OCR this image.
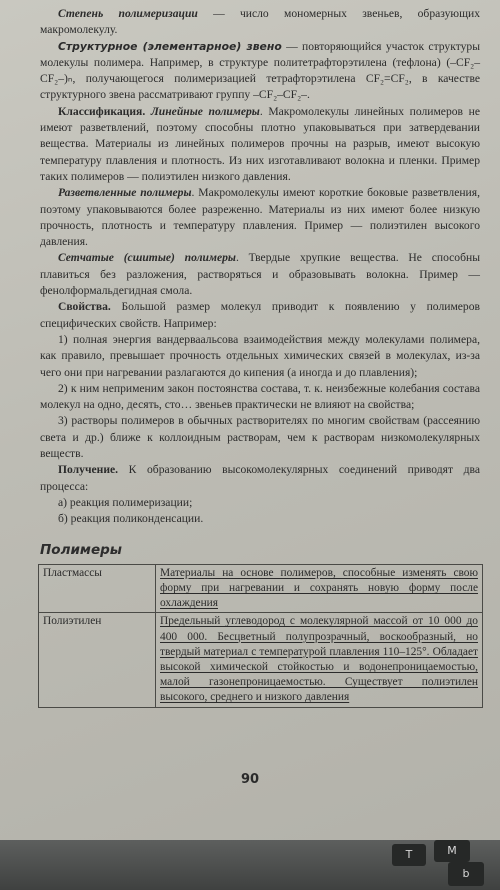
Степень полимеризации — число мономерных звеньев, образующих макромолекулу.

Структурное (элементарное) звено — повторяющийся участок структуры молекулы полимера. Например, в структуре политетрафторэтилена (тефлона) (–CF₂–CF₂–)ₙ, получающегося полимеризацией тетрафторэтилена CF₂=CF₂, в качестве структурного звена рассматривают группу –CF₂–CF₂–.

Классификация. Линейные полимеры. Макромолекулы линейных полимеров не имеют разветвлений, поэтому способны плотно упаковываться при затвердевании вещества. Материалы из линейных полимеров прочны на разрыв, имеют высокую температуру плавления и плотность. Из них изготавливают волокна и пленки. Пример таких полимеров — полиэтилен низкого давления.

Разветвленные полимеры. Макромолекулы имеют короткие боковые разветвления, поэтому упаковываются более разреженно. Материалы из них имеют более низкую прочность, плотность и температуру плавления. Пример — полиэтилен высокого давления.

Сетчатые (сшитые) полимеры. Твердые хрупкие вещества. Не способны плавиться без разложения, растворяться и образовывать волокна. Пример — фенолформальдегидная смола.

Свойства. Большой размер молекул приводит к появлению у полимеров специфических свойств. Например:

1) полная энергия вандерваальсова взаимодействия между молекулами полимера, как правило, превышает прочность отдельных химических связей в молекулах, из-за чего они при нагревании разлагаются до кипения (а иногда и до плавления);

2) к ним неприменим закон постоянства состава, т. к. неизбежные колебания состава молекул на одно, десять, сто… звеньев практически не влияют на свойства;

3) растворы полимеров в обычных растворителях по многим свойствам (рассеянию света и др.) ближе к коллоидным растворам, чем к растворам низкомолекулярных веществ.

Получение. К образованию высокомолекулярных соединений приводят два процесса:

а) реакция полимеризации;

б) реакция поликонденсации.

Полимеры
Пластмассы	Материалы на основе полимеров, способные изменять свою форму при нагревании и сохранять новую форму после охлаждения
Полиэтилен	Предельный углеводород с молекулярной массой от 10 000 до 400 000. Бесцветный полупрозрачный, воскообразный, но твердый материал с температурой плавления 110–125°. Обладает высокой химической стойкостью и водонепроницаемостью, малой газонепроницаемостью. Существует полиэтилен высокого, среднего и низкого давления
90
T	M
b
